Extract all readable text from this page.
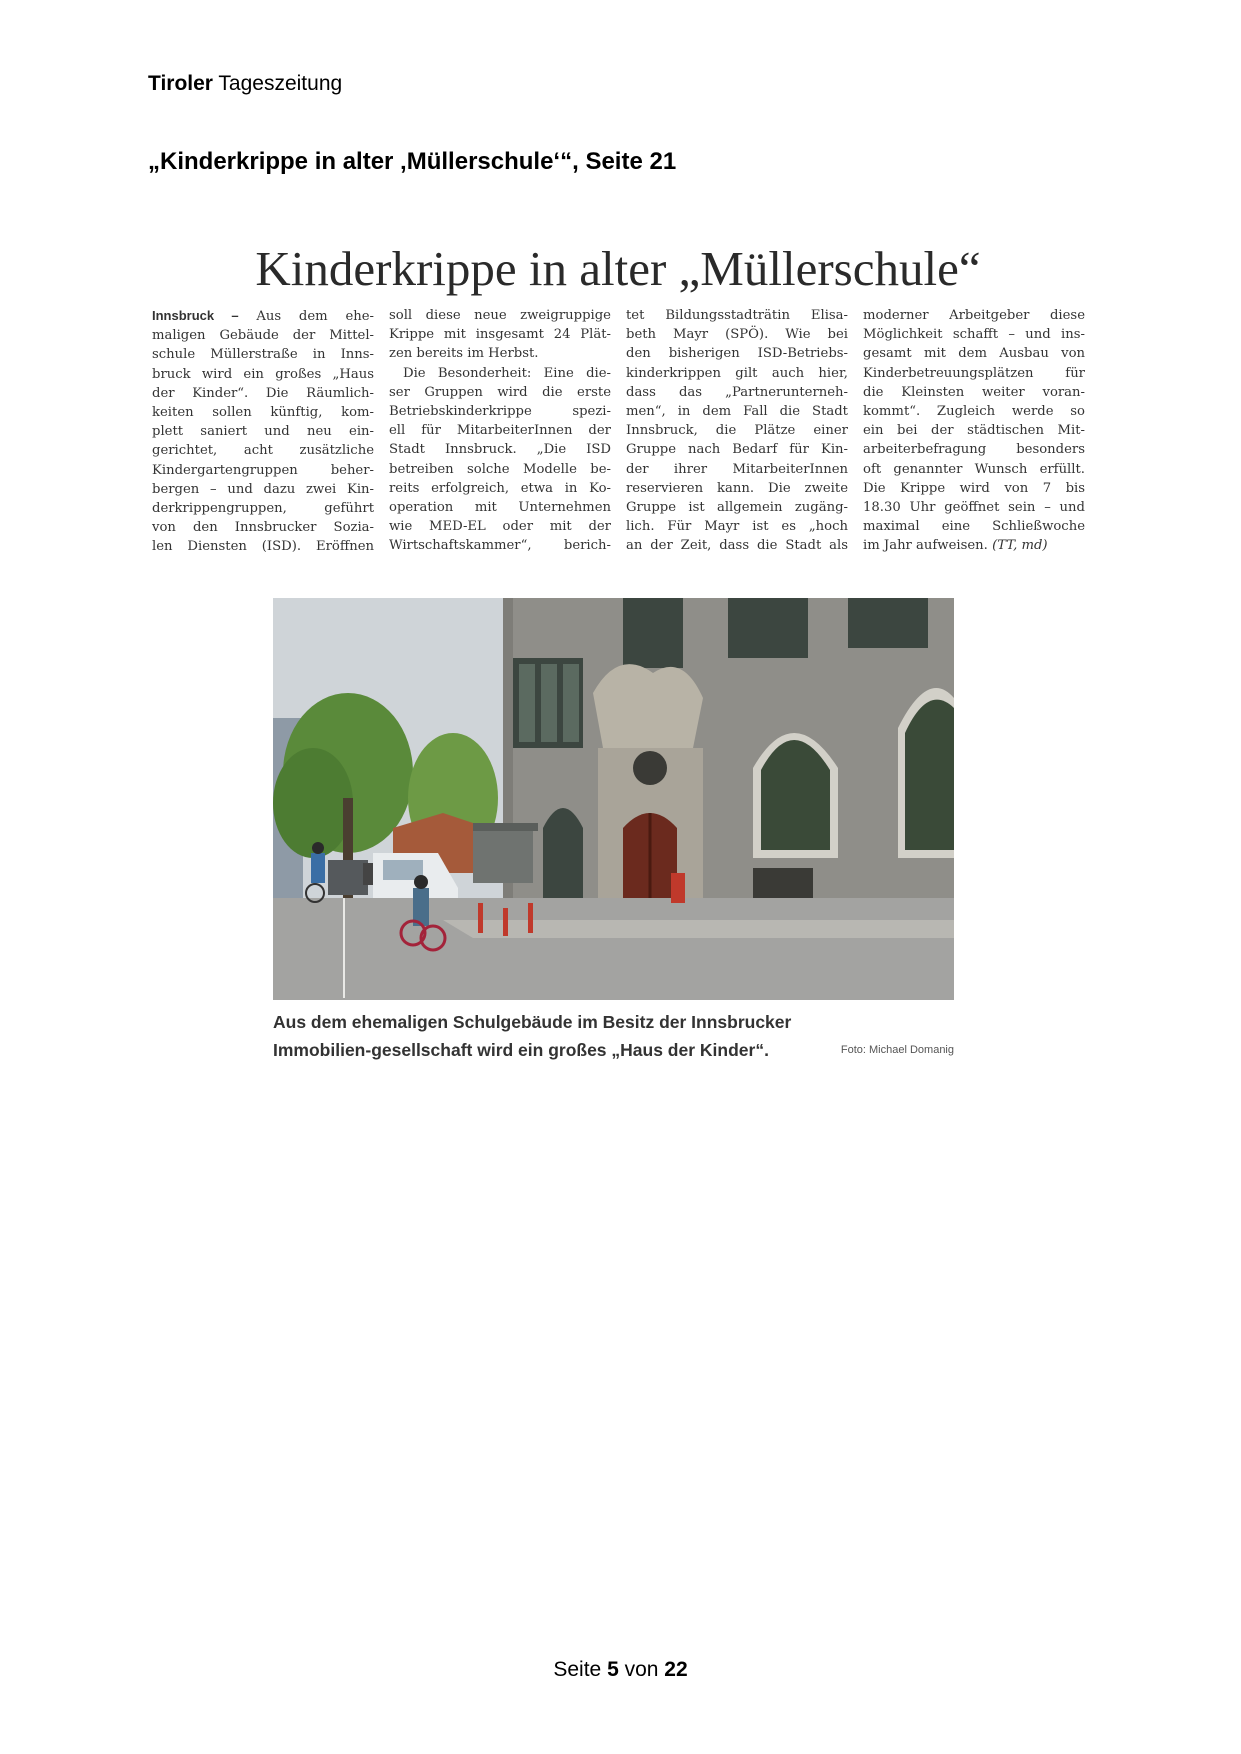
Tiroler Tageszeitung
„Kinderkrippe in alter ‚Müllerschule‘“, Seite 21
Kinderkrippe in alter „Müllerschule“
Innsbruck – Aus dem ehe-
maligen Gebäude der Mittel-
schule Müllerstraße in Inns-
bruck wird ein großes „Haus
der Kinder“. Die Räumlich-
keiten sollen künftig, kom-
plett saniert und neu ein-
gerichtet, acht zusätzliche
Kindergartengruppen beher-
bergen – und dazu zwei Kin-
derkrippengruppen, geführt
von den Innsbrucker Sozia-
len Diensten (ISD). Eröffnen
soll diese neue zweigruppige
Krippe mit insgesamt 24 Plät-
zen bereits im Herbst.
Die Besonderheit: Eine die-
ser Gruppen wird die erste
Betriebskinderkrippe spezi-
ell für MitarbeiterInnen der
Stadt Innsbruck. „Die ISD
betreiben solche Modelle be-
reits erfolgreich, etwa in Ko-
operation mit Unternehmen
wie MED-EL oder mit der
Wirtschaftskammer“, berich-
tet Bildungsstadträtin Elisa-
beth Mayr (SPÖ). Wie bei
den bisherigen ISD-Betriebs-
kinderkrippen gilt auch hier,
dass das „Partnerunterneh-
men“, in dem Fall die Stadt
Innsbruck, die Plätze einer
Gruppe nach Bedarf für Kin-
der ihrer MitarbeiterInnen
reservieren kann. Die zweite
Gruppe ist allgemein zugäng-
lich. Für Mayr ist es „hoch
an der Zeit, dass die Stadt als
moderner Arbeitgeber diese
Möglichkeit schafft – und ins-
gesamt mit dem Ausbau von
Kinderbetreuungsplätzen für
die Kleinsten weiter voran-
kommt“. Zugleich werde so
ein bei der städtischen Mit-
arbeiterbefragung besonders
oft genannter Wunsch erfüllt.
Die Krippe wird von 7 bis
18.30 Uhr geöffnet sein – und
maximal eine Schließwoche
im Jahr aufweisen. (TT, md)
Aus dem ehemaligen Schulgebäude im Besitz der Innsbrucker Immobilien-gesellschaft wird ein großes „Haus der Kinder“.	Foto: Michael Domanig
Seite 5 von 22
